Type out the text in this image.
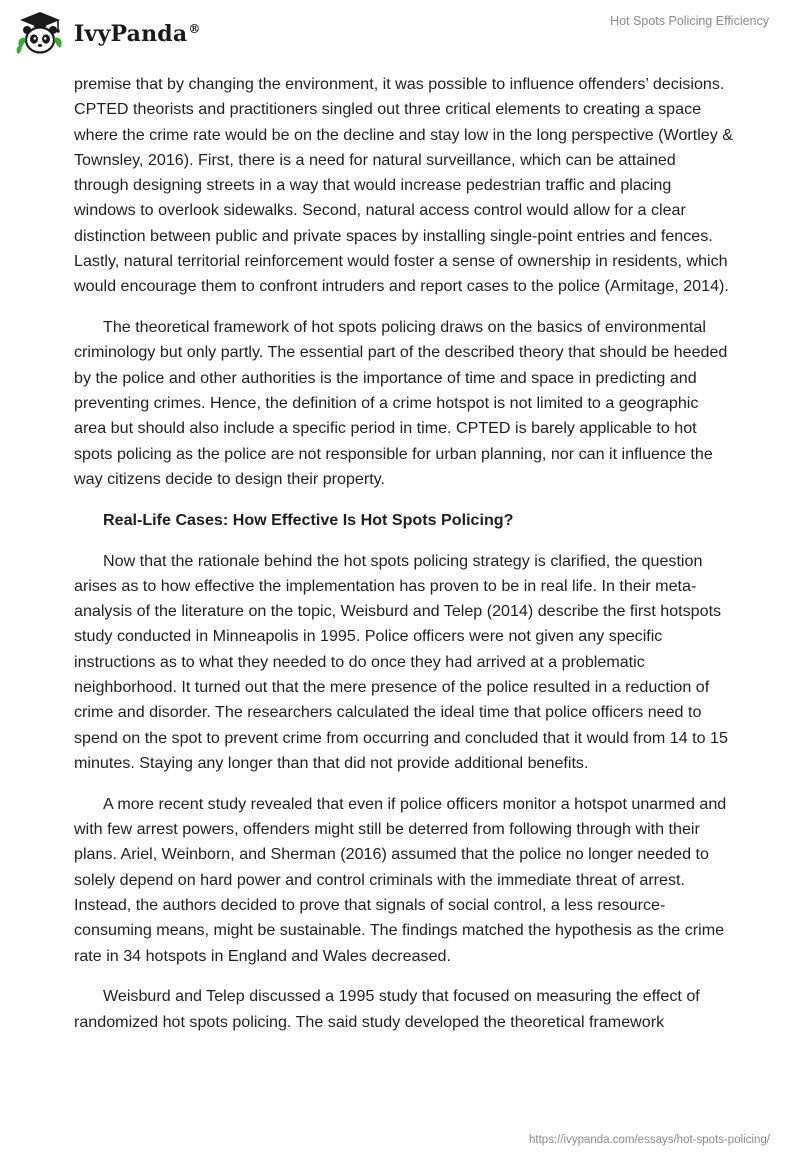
IvyPanda®
Hot Spots Policing Efficiency

premise that by changing the environment, it was possible to influence offenders’ decisions. CPTED theorists and practitioners singled out three critical elements to creating a space where the crime rate would be on the decline and stay low in the long perspective (Wortley & Townsley, 2016). First, there is a need for natural surveillance, which can be attained through designing streets in a way that would increase pedestrian traffic and placing windows to overlook sidewalks. Second, natural access control would allow for a clear distinction between public and private spaces by installing single-point entries and fences. Lastly, natural territorial reinforcement would foster a sense of ownership in residents, which would encourage them to confront intruders and report cases to the police (Armitage, 2014).

The theoretical framework of hot spots policing draws on the basics of environmental criminology but only partly. The essential part of the described theory that should be heeded by the police and other authorities is the importance of time and space in predicting and preventing crimes. Hence, the definition of a crime hotspot is not limited to a geographic area but should also include a specific period in time. CPTED is barely applicable to hot spots policing as the police are not responsible for urban planning, nor can it influence the way citizens decide to design their property.

Real-Life Cases: How Effective Is Hot Spots Policing?

Now that the rationale behind the hot spots policing strategy is clarified, the question arises as to how effective the implementation has proven to be in real life. In their meta-analysis of the literature on the topic, Weisburd and Telep (2014) describe the first hotspots study conducted in Minneapolis in 1995. Police officers were not given any specific instructions as to what they needed to do once they had arrived at a problematic neighborhood. It turned out that the mere presence of the police resulted in a reduction of crime and disorder. The researchers calculated the ideal time that police officers need to spend on the spot to prevent crime from occurring and concluded that it would from 14 to 15 minutes. Staying any longer than that did not provide additional benefits.

A more recent study revealed that even if police officers monitor a hotspot unarmed and with few arrest powers, offenders might still be deterred from following through with their plans. Ariel, Weinborn, and Sherman (2016) assumed that the police no longer needed to solely depend on hard power and control criminals with the immediate threat of arrest. Instead, the authors decided to prove that signals of social control, a less resource-consuming means, might be sustainable. The findings matched the hypothesis as the crime rate in 34 hotspots in England and Wales decreased.

Weisburd and Telep discussed a 1995 study that focused on measuring the effect of randomized hot spots policing. The said study developed the theoretical framework

https://ivypanda.com/essays/hot-spots-policing/
